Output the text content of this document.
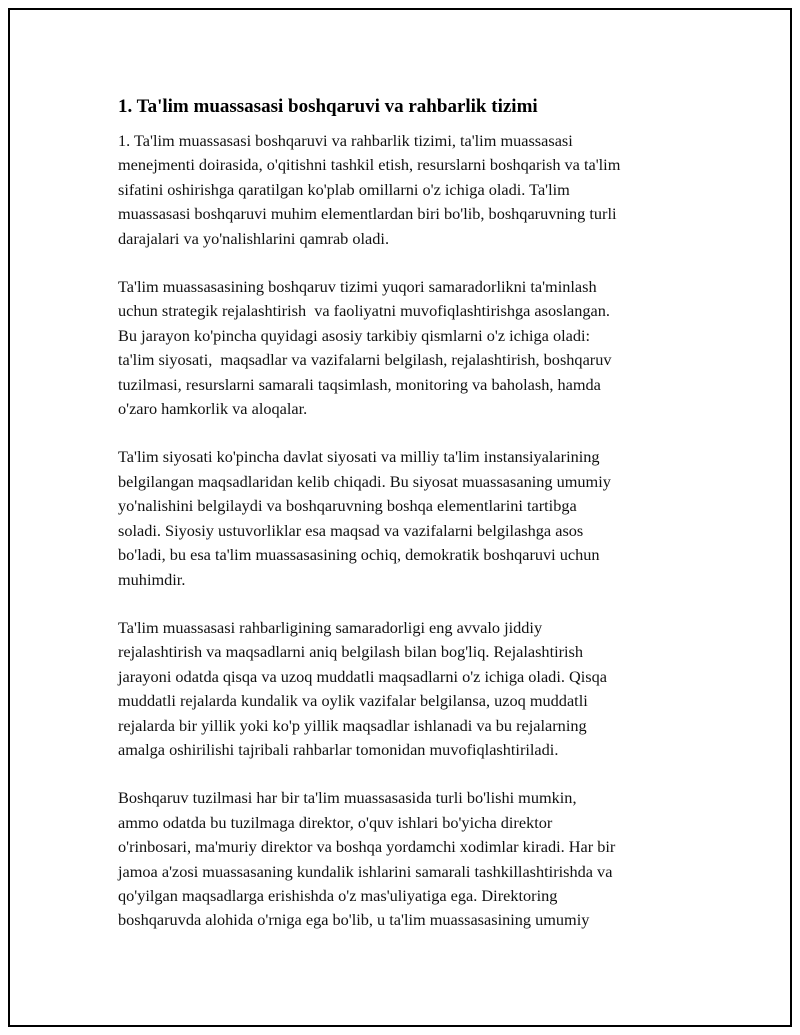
1. Ta'lim muassasasi boshqaruvi va rahbarlik tizimi

1. Ta'lim muassasasi boshqaruvi va rahbarlik tizimi, ta'lim muassasasi
menejmenti doirasida, o'qitishni tashkil etish, resurslarni boshqarish va ta'lim
sifatini oshirishga qaratilgan ko'plab omillarni o'z ichiga oladi. Ta'lim
muassasasi boshqaruvi muhim elementlardan biri bo'lib, boshqaruvning turli
darajalari va yo'nalishlarini qamrab oladi.

Ta'lim muassasasining boshqaruv tizimi yuqori samaradorlikni ta'minlash
uchun strategik rejalashtirish  va faoliyatni muvofiqlashtirishga asoslangan.
Bu jarayon ko'pincha quyidagi asosiy tarkibiy qismlarni o'z ichiga oladi:
ta'lim siyosati,  maqsadlar va vazifalarni belgilash, rejalashtirish, boshqaruv
tuzilmasi, resurslarni samarali taqsimlash, monitoring va baholash, hamda
o'zaro hamkorlik va aloqalar.

Ta'lim siyosati ko'pincha davlat siyosati va milliy ta'lim instansiyalarining
belgilangan maqsadlaridan kelib chiqadi. Bu siyosat muassasaning umumiy
yo'nalishini belgilaydi va boshqaruvning boshqa elementlarini tartibga
soladi. Siyosiy ustuvorliklar esa maqsad va vazifalarni belgilashga asos
bo'ladi, bu esa ta'lim muassasasining ochiq, demokratik boshqaruvi uchun
muhimdir.

Ta'lim muassasasi rahbarligining samaradorligi eng avvalo jiddiy
rejalashtirish va maqsadlarni aniq belgilash bilan bog'liq. Rejalashtirish
jarayoni odatda qisqa va uzoq muddatli maqsadlarni o'z ichiga oladi. Qisqa
muddatli rejalarda kundalik va oylik vazifalar belgilansa, uzoq muddatli
rejalarda bir yillik yoki ko'p yillik maqsadlar ishlanadi va bu rejalarning
amalga oshirilishi tajribali rahbarlar tomonidan muvofiqlashtiriladi.

Boshqaruv tuzilmasi har bir ta'lim muassasasida turli bo'lishi mumkin,
ammo odatda bu tuzilmaga direktor, o'quv ishlari bo'yicha direktor
o'rinbosari, ma'muriy direktor va boshqa yordamchi xodimlar kiradi. Har bir
jamoa a'zosi muassasaning kundalik ishlarini samarali tashkillashtirishda va
qo'yilgan maqsadlarga erishishda o'z mas'uliyatiga ega. Direktoring
boshqaruvda alohida o'rniga ega bo'lib, u ta'lim muassasasining umumiy
